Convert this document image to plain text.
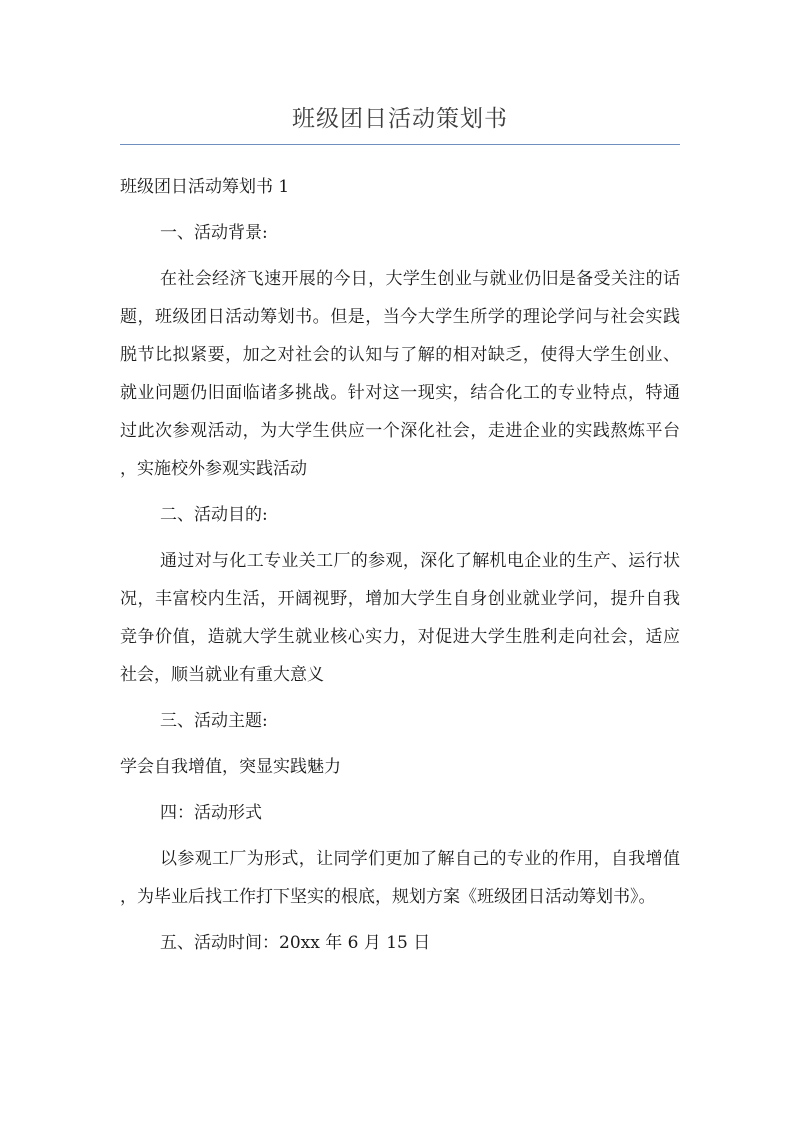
班级团日活动策划书

班级团日活动筹划书 1

一、活动背景:

在社会经济飞速开展的今日，大学生创业与就业仍旧是备受关注的话题，班级团日活动筹划书。但是，当今大学生所学的理论学问与社会实践脱节比拟紧要，加之对社会的认知与了解的相对缺乏，使得大学生创业、就业问题仍旧面临诸多挑战。针对这一现实，结合化工的专业特点，特通过此次参观活动，为大学生供应一个深化社会，走进企业的实践熬炼平台，实施校外参观实践活动

二、活动目的:

通过对与化工专业关工厂的参观，深化了解机电企业的生产、运行状况，丰富校内生活，开阔视野，增加大学生自身创业就业学问，提升自我竞争价值，造就大学生就业核心实力，对促进大学生胜利走向社会，适应社会，顺当就业有重大意义

三、活动主题:

学会自我增值，突显实践魅力

四：活动形式

以参观工厂为形式，让同学们更加了解自己的专业的作用，自我增值，为毕业后找工作打下坚实的根底，规划方案《班级团日活动筹划书》。

五、活动时间：20xx 年 6 月 15 日
